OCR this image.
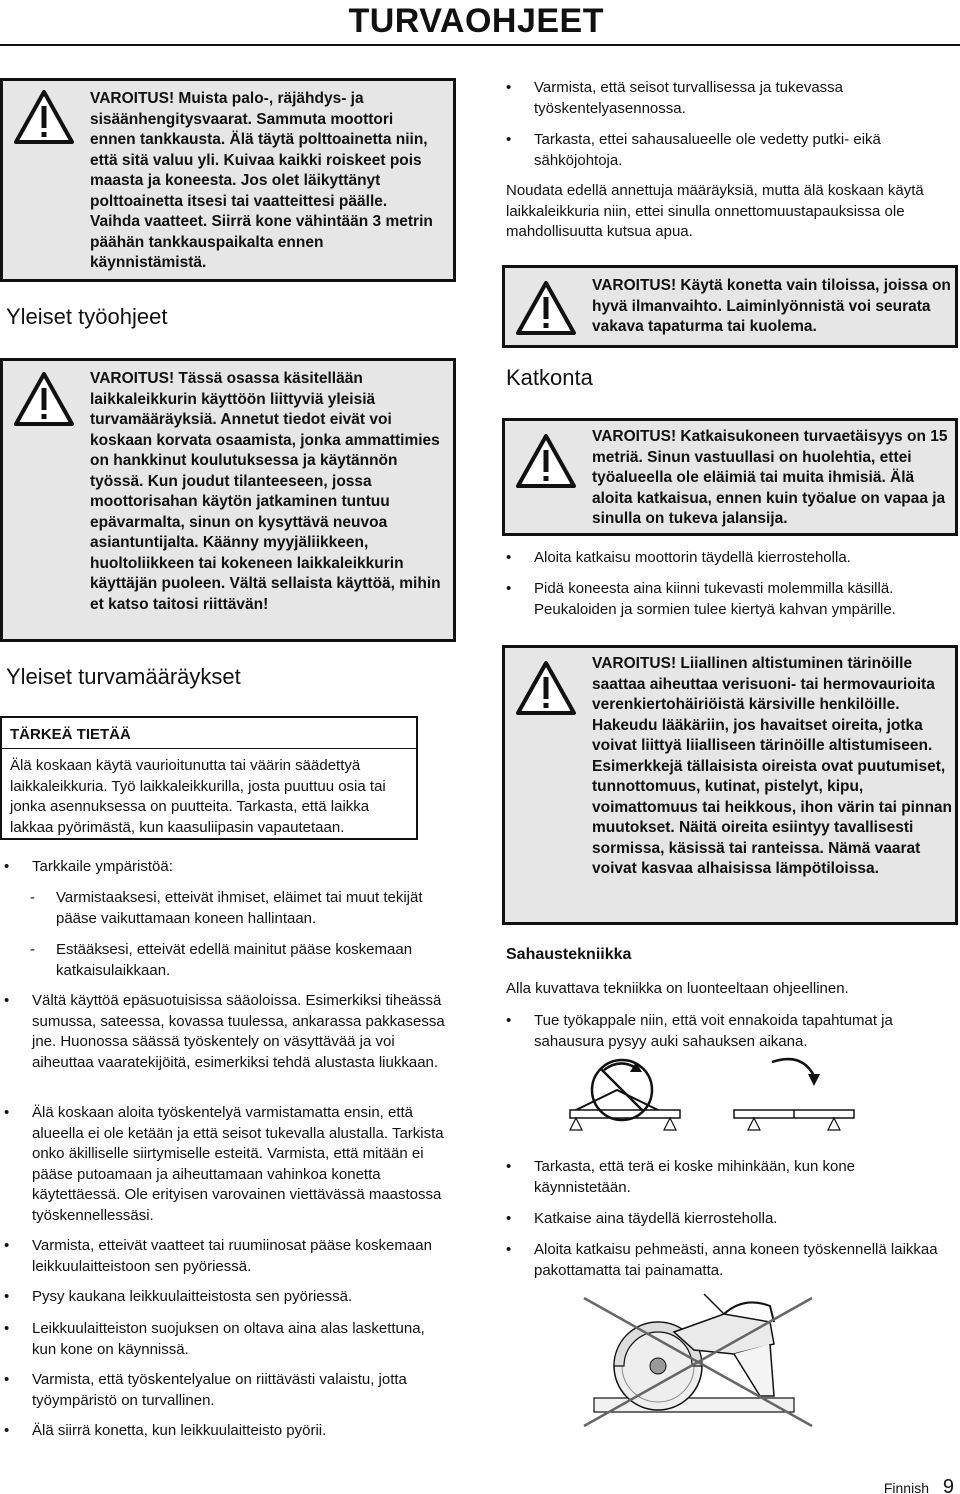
TURVAOHJEET
VAROITUS! Muista palo-, räjähdys- ja sisäänhengitysvaarat. Sammuta moottori ennen tankkausta. Älä täytä polttoainetta niin, että sitä valuu yli. Kuivaa kaikki roiskeet pois maasta ja koneesta. Jos olet läikyttänyt polttoainetta itsesi tai vaatteittesi päälle. Vaihda vaatteet. Siirrä kone vähintään 3 metrin päähän tankkauspaikalta ennen käynnistämistä.
Yleiset työohjeet
VAROITUS! Tässä osassa käsitellään laikkaleikkurin käyttöön liittyviä yleisiä turvamääräyksiä. Annetut tiedot eivät voi koskaan korvata osaamista, jonka ammattimies on hankkinut koulutuksessa ja käytännön työssä. Kun joudut tilanteeseen, jossa moottorisahan käytön jatkaminen tuntuu epävarmalta, sinun on kysyttävä neuvoa asiantuntijalta. Käänny myyjäliikkeen, huoltoliikkeen tai kokeneen laikkaleikkurin käyttäjän puoleen. Vältä sellaista käyttöä, mihin et katso taitosi riittävän!
Yleiset turvamääräykset
TÄRKEÄ TIETÄÄ
Älä koskaan käytä vaurioitunutta tai väärin säädettyä laikkaleikkuria. Työ laikkaleikkurilla, josta puuttuu osia tai jonka asennuksessa on puutteita. Tarkasta, että laikka lakkaa pyörimästä, kun kaasuliipasin vapautetaan.
• Tarkkaile ympäristöä:
- Varmistaaksesi, etteivät ihmiset, eläimet tai muut tekijät pääse vaikuttamaan koneen hallintaan.
- Estääksesi, etteivät edellä mainitut pääse koskemaan katkaisulaikkaan.
• Vältä käyttöä epäsuotuisissa sääoloissa. Esimerkiksi tiheässä sumussa, sateessa, kovassa tuulessa, ankarassa pakkasessa jne. Huonossa säässä työskentely on väsyttävää ja voi aiheuttaa vaaratekijöitä, esimerkiksi tehdä alustasta liukkaan.
• Älä koskaan aloita työskentelyä varmistamatta ensin, että alueella ei ole ketään ja että seisot tukevalla alustalla. Tarkista onko äkilliselle siirtymiselle esteitä. Varmista, että mitään ei pääse putoamaan ja aiheuttamaan vahinkoa konetta käytettäessä. Ole erityisen varovainen viettävässä maastossa työskennellessäsi.
• Varmista, etteivät vaatteet tai ruumiinosat pääse koskemaan leikkuulaitteistoon sen pyöriessä.
• Pysy kaukana leikkuulaitteistosta sen pyöriessä.
• Leikkuulaitteiston suojuksen on oltava aina alas laskettuna, kun kone on käynnissä.
• Varmista, että työskentelyalue on riittävästi valaistu, jotta työympäristö on turvallinen.
• Älä siirrä konetta, kun leikkuulaitteisto pyörii.
• Varmista, että seisot turvallisessa ja tukevassa työskentelyasennossa.
• Tarkasta, ettei sahausalueelle ole vedetty putki- eikä sähköjohtoja.
Noudata edellä annettuja määräyksiä, mutta älä koskaan käytä laikkaleikkuria niin, ettei sinulla onnettomuustapauksissa ole mahdollisuutta kutsua apua.
VAROITUS! Käytä konetta vain tiloissa, joissa on hyvä ilmanvaihto. Laiminlyönnistä voi seurata vakava tapaturma tai kuolema.
Katkonta
VAROITUS! Katkaisukoneen turvaetäisyys on 15 metriä. Sinun vastuullasi on huolehtia, ettei työalueella ole eläimiä tai muita ihmisiä. Älä aloita katkaisua, ennen kuin työalue on vapaa ja sinulla on tukeva jalansija.
• Aloita katkaisu moottorin täydellä kierrosteholla.
• Pidä koneesta aina kiinni tukevasti molemmilla käsillä. Peukaloiden ja sormien tulee kiertyä kahvan ympärille.
VAROITUS! Liiallinen altistuminen tärinöille saattaa aiheuttaa verisuoni- tai hermovaurioita verenkiertohäiriöistä kärsiville henkilöille. Hakeudu lääkäriin, jos havaitset oireita, jotka voivat liittyä liialliseen tärinöille altistumiseen. Esimerkkejä tällaisista oireista ovat puutumiset, tunnottomuus, kutinat, pistelyt, kipu, voimattomuus tai heikkous, ihon värin tai pinnan muutokset. Näitä oireita esiintyy tavallisesti sormissa, käsissä tai ranteissa. Nämä vaarat voivat kasvaa alhaisissa lämpötiloissa.
Sahaustekniikka
Alla kuvattava tekniikka on luonteeltaan ohjeellinen.
• Tue työkappale niin, että voit ennakoida tapahtumat ja sahausura pysyy auki sahauksen aikana.
• Tarkasta, että terä ei koske mihinkään, kun kone käynnistetään.
• Katkaise aina täydellä kierrosteholla.
• Aloita katkaisu pehmeästi, anna koneen työskennellä laikkaa pakottamatta tai painamatta.
Finnish 9
